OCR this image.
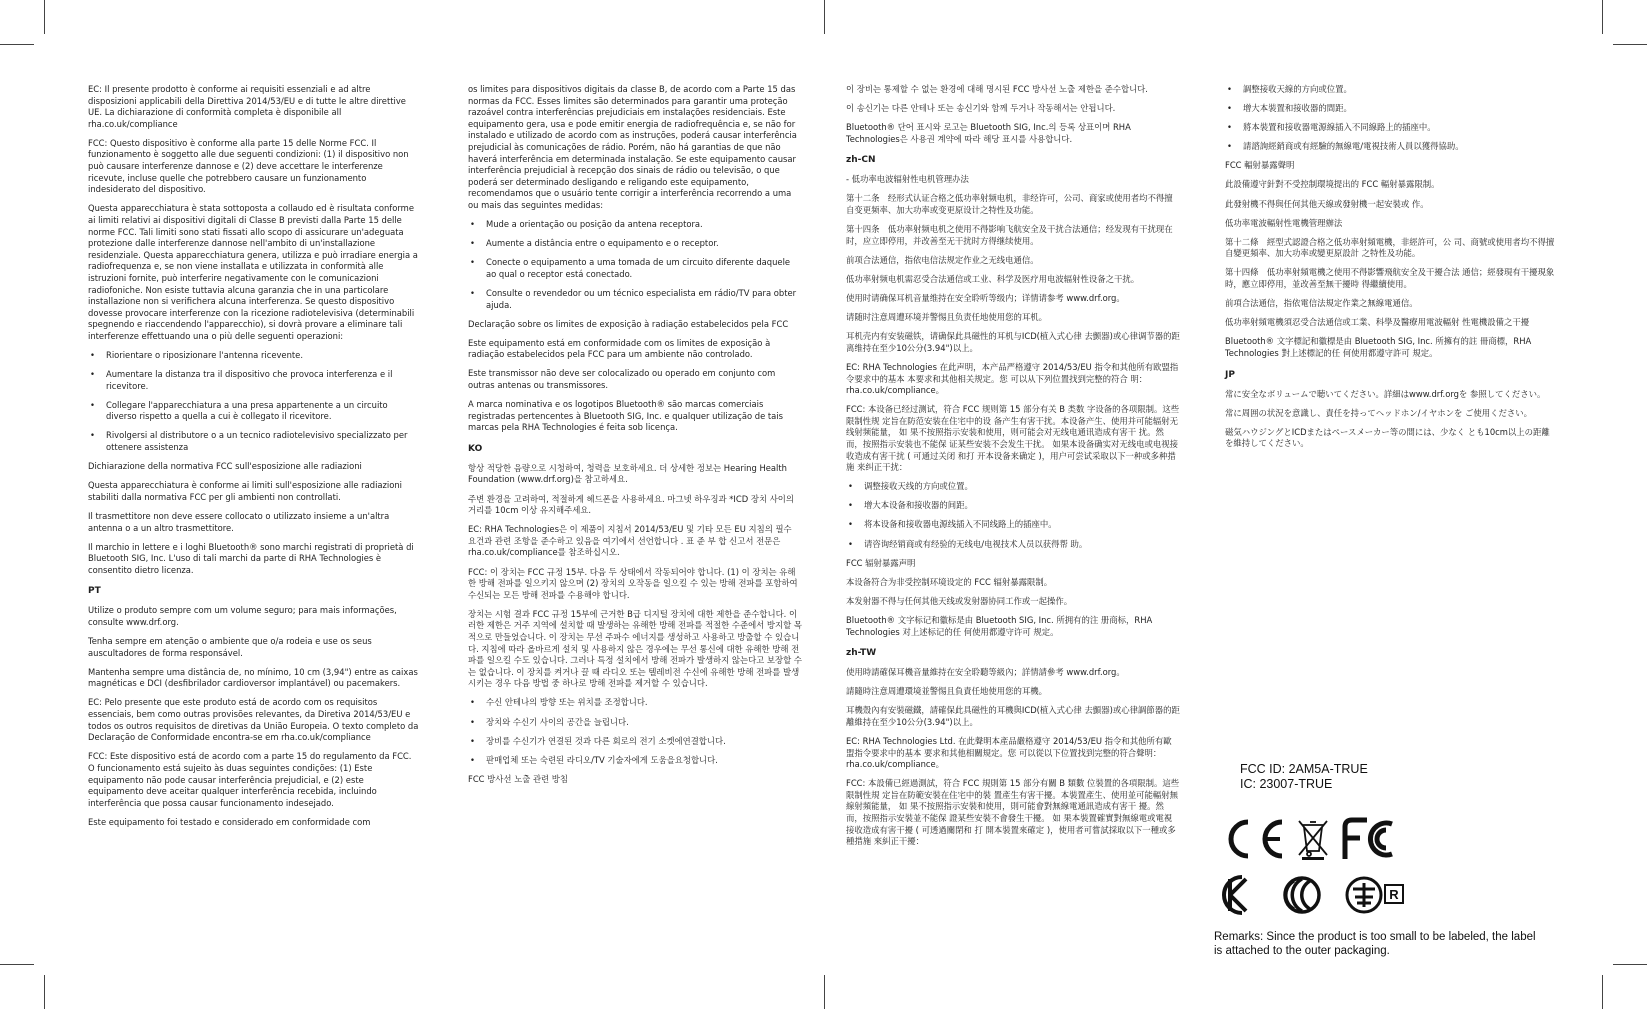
EC: Il presente prodotto è conforme ai requisiti essenziali e ad altre disposizioni applicabili della Direttiva 2014/53/EU e di tutte le altre direttive UE. La dichiarazione di conformità completa è disponibile all rha.co.uk/compliance

FCC: Questo dispositivo è conforme alla parte 15 delle Norme FCC. Il funzionamento è soggetto alle due seguenti condizioni: (1) il dispositivo non può causare interferenze dannose e (2) deve accettare le interferenze ricevute, incluse quelle che potrebbero causare un funzionamento indesiderato del dispositivo.

Questa apparecchiatura è stata sottoposta a collaudo ed è risultata conforme ai limiti relativi ai dispositivi digitali di Classe B previsti dalla Parte 15 delle norme FCC. Tali limiti sono stati fissati allo scopo di assicurare un'adeguata protezione dalle interferenze dannose nell'ambito di un'installazione residenziale. Questa apparecchiatura genera, utilizza e può irradiare energia a radiofrequenza e, se non viene installata e utilizzata in conformità alle istruzioni fornite, può interferire negativamente con le comunicazioni radiofoniche. Non esiste tuttavia alcuna garanzia che in una particolare installazione non si verifichera alcuna interferenza. Se questo dispositivo dovesse provocare interferenze con la ricezione radiotelevisiva (determinabili spegnendo e riaccendendo l'apparecchio), si dovrà provare a eliminare tali interferenze effettuando una o più delle seguenti operazioni:

• Riorientare o riposizionare l'antenna ricevente.
• Aumentare la distanza tra il dispositivo che provoca interferenza e il ricevitore.
• Collegare l'apparecchiatura a una presa appartenente a un circuito diverso rispetto a quella a cui è collegato il ricevitore.
• Rivolgersi al distributore o a un tecnico radiotelevisivo specializzato per ottenere assistenza

Dichiarazione della normativa FCC sull'esposizione alle radiazioni

Questa apparecchiatura è conforme ai limiti sull'esposizione alle radiazioni stabiliti dalla normativa FCC per gli ambienti non controllati.

Il trasmettitore non deve essere collocato o utilizzato insieme a un'altra antenna o a un altro trasmettitore.

Il marchio in lettere e i loghi Bluetooth® sono marchi registrati di proprietà di Bluetooth SIG, Inc. L'uso di tali marchi da parte di RHA Technologies è consentito dietro licenza.

PT

Utilize o produto sempre com um volume seguro; para mais informações, consulte www.drf.org.

Tenha sempre em atenção o ambiente que o/a rodeia e use os seus auscultadores de forma responsável.

Mantenha sempre uma distância de, no mínimo, 10 cm (3,94") entre as caixas magnéticas e DCI (desfibrilador cardioversor implantável) ou pacemakers.

EC: Pelo presente que este produto está de acordo com os requisitos essenciais, bem como outras provisões relevantes, da Diretiva 2014/53/EU e todos os outros requisitos de diretivas da União Europeia. O texto completo da Declaração de Conformidade encontra-se em rha.co.uk/compliance

FCC: Este dispositivo está de acordo com a parte 15 do regulamento da FCC. O funcionamento está sujeito às duas seguintes condições: (1) Este equipamento não pode causar interferência prejudicial, e (2) este equipamento deve aceitar qualquer interferência recebida, incluindo interferência que possa causar funcionamento indesejado.

Este equipamento foi testado e considerado em conformidade com

os limites para dispositivos digitais da classe B, de acordo com a Parte 15 das normas da FCC. Esses limites são determinados para garantir uma proteção razoável contra interferências prejudiciais em instalações residenciais. Este equipamento gera, usa e pode emitir energia de radiofrequência e, se não for instalado e utilizado de acordo com as instruções, poderá causar interferência prejudicial às comunicações de rádio. Porém, não há garantias de que não haverá interferência em determinada instalação. Se este equipamento causar interferência prejudicial à recepção dos sinais de rádio ou televisão, o que poderá ser determinado desligando e religando este equipamento, recomendamos que o usuário tente corrigir a interferência recorrendo a uma ou mais das seguintes medidas:

• Mude a orientação ou posição da antena receptora.
• Aumente a distância entre o equipamento e o receptor.
• Conecte o equipamento a uma tomada de um circuito diferente daquele ao qual o receptor está conectado.
• Consulte o revendedor ou um técnico especialista em rádio/TV para obter ajuda.

Declaração sobre os limites de exposição à radiação estabelecidos pela FCC

Este equipamento está em conformidade com os limites de exposição à radiação estabelecidos pela FCC para um ambiente não controlado.

Este transmissor não deve ser colocalizado ou operado em conjunto com outras antenas ou transmissores.

A marca nominativa e os logotipos Bluetooth® são marcas comerciais registradas pertencentes à Bluetooth SIG, Inc. e qualquer utilização de tais marcas pela RHA Technologies é feita sob licença.

KO

항상 적당한 음량으로 시청하여, 청력을 보호하세요. 더 상세한 정보는 Hearing Health Foundation (www.drf.org)을 참고하세요.

주변 환경을 고려하여, 적절하게 헤드폰을 사용하세요. 마그넷 하우징과 *ICD 장치 사이의 거리를 10cm 이상 유지해주세요.

EC: RHA Technologies은 이 제품이 지침서 2014/53/EU 및 기타 모든 EU 지침의 필수 요건과 관련 조항을 준수하고 있음을 여기에서 선언합니다 . 표 준 부 합 신고서 전문은 rha.co.uk/compliance를 참조하십시오.

FCC: 이 장치는 FCC 규정 15부. 다음 두 상태에서 작동되어야 합니다. (1) 이 장치는 유해한 방해 전파를 일으키지 않으며 (2) 장치의 오작동을 일으킬 수 있는 방해 전파를 포함하여 수신되는 모든 방해 전파를 수용해야 합니다.

장치는 시험 결과 FCC 규정 15부에 근거한 B급 디지털 장치에 대한 제한을 준수합니다. 이러한 제한은 거주 지역에 설치할 때 발생하는 유해한 방해 전파를 적절한 수준에서 방지할 목적으로 만들었습니다. 이 장치는 무선 주파수 에너지를 생성하고 사용하고 방출할 수 있습니다. 지침에 따라 올바르게 설치 및 사용하지 않은 경우에는 무선 통신에 대한 유해한 방해 전파를 일으킬 수도 있습니다. 그러나 특정 설치에서 방해 전파가 발생하지 않는다고 보장할 수는 없습니다. 이 장치를 켜거나 끌 때 라디오 또는 텔레비전 수신에 유해한 방해 전파를 발생시키는 경우 다음 방법 중 하나로 방해 전파를 제거할 수 있습니다.

• 수신 안테나의 방향 또는 위치를 조정합니다.
• 장치와 수신기 사이의 공간을 늘립니다.
• 장비를 수신기가 연결된 것과 다른 회로의 전기 소켓에연결합니다.
• 판매업체 또는 숙련된 라디오/TV 기술자에게 도움을요청합니다.

FCC 방사선 노출 관련 방침

이 장비는 통제할 수 없는 환경에 대해 명시된 FCC 방사선 노출 제한을 준수합니다.

이 송신기는 다른 안테나 또는 송신기와 함께 두거나 작동해서는 안됩니다.

Bluetooth® 단어 표시와 로고는 Bluetooth SIG, Inc.의 등록 상표이며 RHA Technologies은 사용권 계약에 따라 해당 표시를 사용합니다.

zh-CN

- 低功率电波辐射性电机管理办法

第十二条　经形式认证合格之低功率射频电机，非经许可，公司、商家或使用者均不得擅自变更频率、加大功率或变更原设计之特性及功能。

第十四条　低功率射频电机之使用不得影响飞航安全及干扰合法通信；经发现有干扰现在时，应立即停用，并改善至无干扰时方得继续使用。

前项合法通信，指依电信法规定作业之无线电通信。

低功率射频电机需忍受合法通信或工业、科学及医疗用电波辐射性设备之干扰。

使用时请确保耳机音量维持在安全聆听等级内；详情请参考 www.drf.org。

请随时注意周遭环境并警惕且负责任地使用您的耳机。

耳机壳内有安装磁铁，请确保此具磁性的耳机与ICD(植入式心律 去颤器)或心律调节器的距离维持在至少10公分(3.94")以上。

EC: RHA Technologies 在此声明，本产品严格遵守 2014/53/EU 指令和其他所有欧盟指令要求中的基本 本要求和其他相关规定。您 可以从下列位置找到完整的符合 明： rha.co.uk/compliance。

FCC: 本设备已经过测试，符合 FCC 规则第 15 部分有关 B 类数 字设备的各项限制。这些限制性规 定旨在防范安装在住宅中的设 备产生有害干扰。本设备产生、使用并可能辐射无线射频能量， 如 果不按照指示安装和使用，则可能会对无线电通讯造成有害干 扰。然而，按照指示安装也不能保 证某些安装不会发生干扰。 如果本设备确实对无线电或电视接收造成有害干扰 ( 可通过关闭 和打 开本设备来确定 )，用户可尝试采取以下一种或多种措施 来纠正干扰：

• 调整接收天线的方向或位置。
• 增大本设备和接收器的间距。
• 将本设备和接收器电源线插入不同线路上的插座中。
• 请咨询经销商或有经验的无线电/电视技术人员以获得帮 助。

FCC 辐射暴露声明

本设备符合为非受控制环境设定的 FCC 辐射暴露限制。

本发射器不得与任何其他天线或发射器协同工作或一起操作。

Bluetooth® 文字标记和徽标是由 Bluetooth SIG, Inc. 所拥有的注 册商标，RHA Technologies 对上述标记的任 何使用都遵守许可 规定。

zh-TW

使用時請確保耳機音量維持在安全聆聽等級內；詳情請參考 www.drf.org。

請隨時注意周遭環境並警惕且負責任地使用您的耳機。

耳機殼內有安裝磁鐵，請確保此具磁性的耳機與ICD(植入式心律 去顫器)或心律調節器的距離維持在至少10公分(3.94")以上。

EC: RHA Technologies Ltd. 在此聲明本產品嚴格遵守 2014/53/EU 指令和其他所有歐盟指令要求中的基本 要求和其他相關規定。您 可以從以下位置找到完整的符合聲明：rha.co.uk/compliance。

FCC: 本設備已經過測試，符合 FCC 規則第 15 部分有關 B 類數 位裝置的各項限制。這些限制性規 定旨在防範安裝在住宅中的裝 置產生有害干擾。本裝置產生、使用並可能輻射無線射頻能量， 如 果不按照指示安裝和使用，則可能會對無線電通訊造成有害干 擾。然而，按照指示安裝並不能保 證某些安裝不會發生干擾。 如 果本裝置確實對無線電或電視接收造成有害干擾 ( 可透過關閉和 打 開本裝置來確定 )，使用者可嘗試採取以下一種或多種措施 來糾正干擾：

• 調整接收天線的方向或位置。
• 增大本裝置和接收器的間距。
• 將本裝置和接收器電源線插入不同線路上的插座中。
• 請諮詢經銷商或有經驗的無線電/電視技術人員以獲得協助。

FCC 輻射暴露聲明

此設備遵守針對不受控制環境提出的 FCC 輻射暴露限制。

此發射機不得與任何其他天線或發射機一起安裝或 作。

低功率電波輻射性電機管理辦法

第十二條　經型式認證合格之低功率射頻電機，非經許可，公 司、商號或使用者均不得擅自變更頻率、加大功率或變更原設計 之特性及功能。

第十四條　低功率射頻電機之使用不得影響飛航安全及干擾合法 通信；經發現有干擾現象時，應立即停用，並改善至無干擾時 得繼續使用。

前項合法通信，指依電信法規定作業之無線電通信。

低功率射頻電機須忍受合法通信或工業、科學及醫療用電波輻射 性電機設備之干擾

Bluetooth® 文字標記和徽標是由 Bluetooth SIG, Inc. 所擁有的註 冊商標，RHA Technologies 對上述標記的任 何使用都遵守許可 規定。

JP

常に安全なボリュームで聴いてください。詳細はwww.drf.orgを 参照してください。

常に周囲の状況を意識し、責任を持ってヘッドホン/イヤホンを ご使用ください。

磁気ハウジングとICDまたはペースメーカー等の間には、少なく とも10cm以上の距離を維持してください。

FCC ID: 2AM5A-TRUE
IC: 23007-TRUE
R
Remarks: Since the product is too small to be labeled, the label is attached to the outer packaging.
